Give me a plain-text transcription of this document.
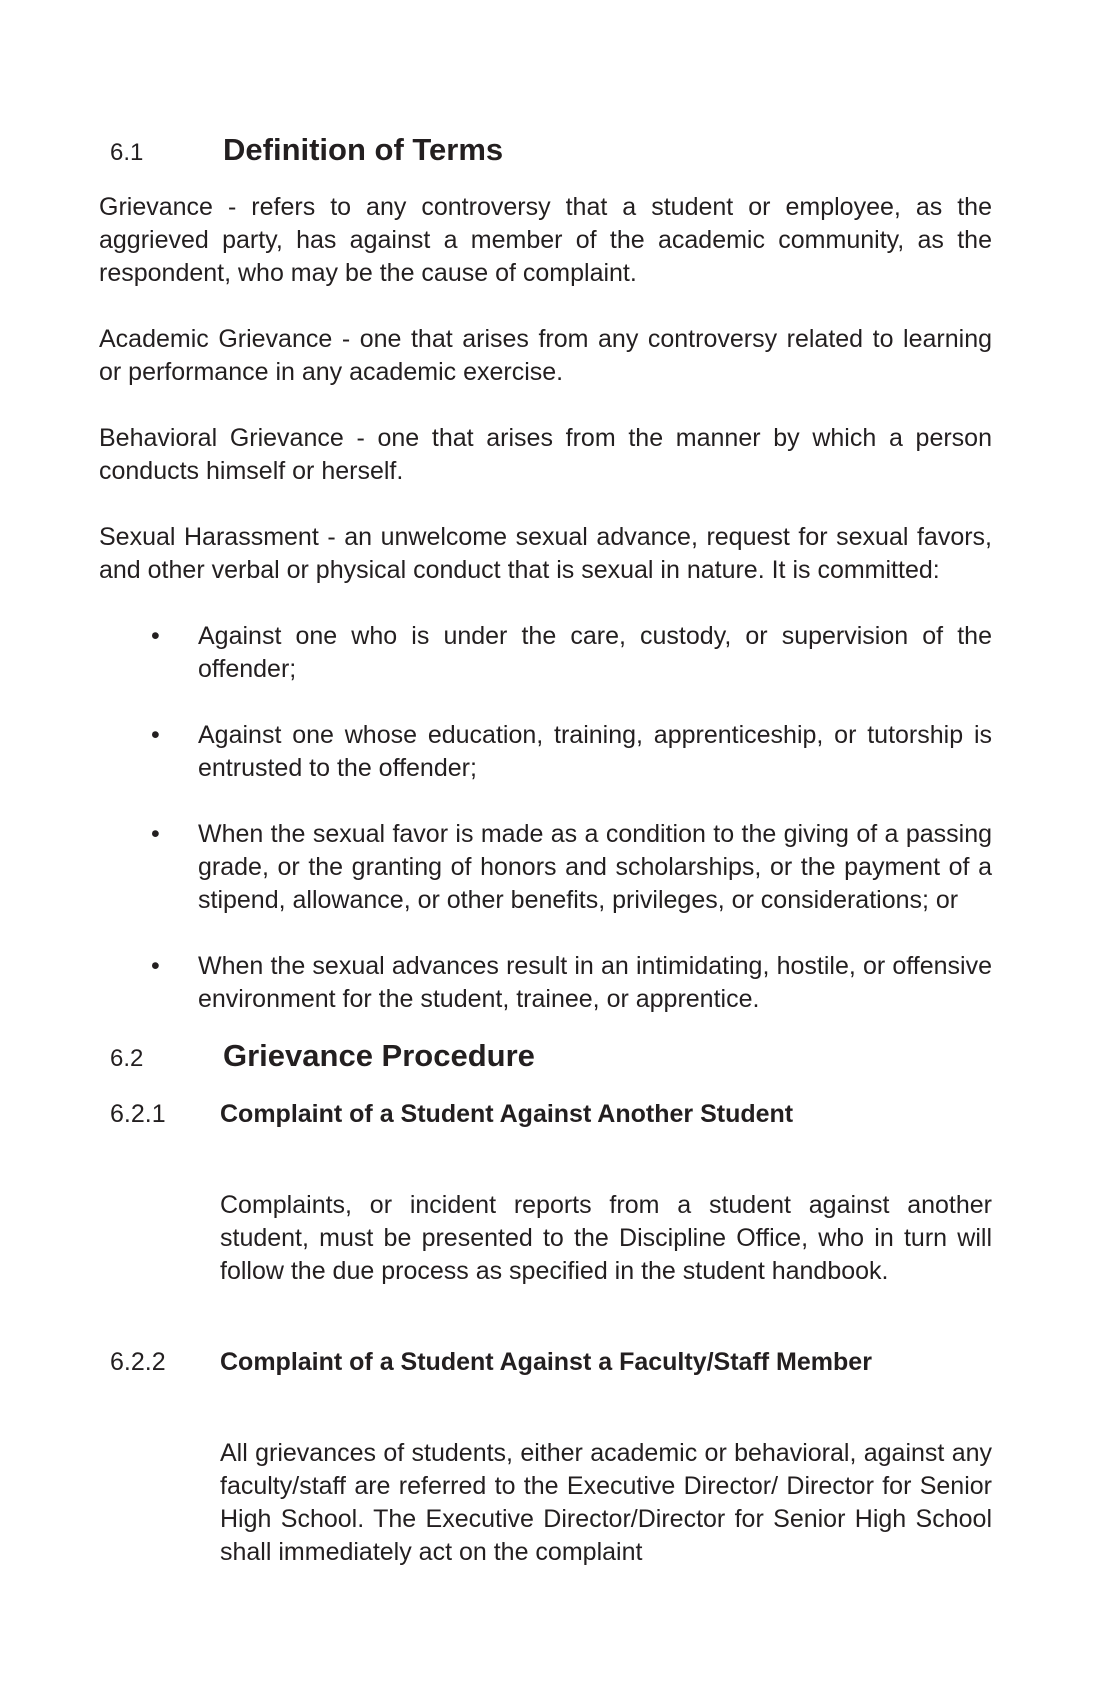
6.1	Definition of Terms

Grievance - refers to any controversy that a student or employee, as the aggrieved party, has against a member of the academic community, as the respondent, who may be the cause of complaint.

Academic Grievance - one that arises from any controversy related to learning or performance in any academic exercise.

Behavioral Grievance - one that arises from the manner by which a person conducts himself or herself.

Sexual Harassment - an unwelcome sexual advance, request for sexual favors, and other verbal or physical conduct that is sexual in nature. It is committed:

•	Against one who is under the care, custody, or supervision of the offender;
•	Against one whose education, training, apprenticeship, or tutorship is entrusted to the offender;
•	When the sexual favor is made as a condition to the giving of a passing grade, or the granting of honors and scholarships, or the payment of a stipend, allowance, or other benefits, privileges, or considerations; or
•	When the sexual advances result in an intimidating, hostile, or offensive environment for the student, trainee, or apprentice.
6.2	Grievance Procedure
6.2.1	Complaint of a Student Against Another Student

Complaints, or incident reports from a student against another student, must be presented to the Discipline Office, who in turn will follow the due process as specified in the student handbook.

6.2.2	Complaint of a Student Against a Faculty/Staff Member

All grievances of students, either academic or behavioral, against any faculty/staff are referred to the Executive Director/ Director for Senior High School. The Executive Director/Director for Senior High School shall immediately act on the complaint
